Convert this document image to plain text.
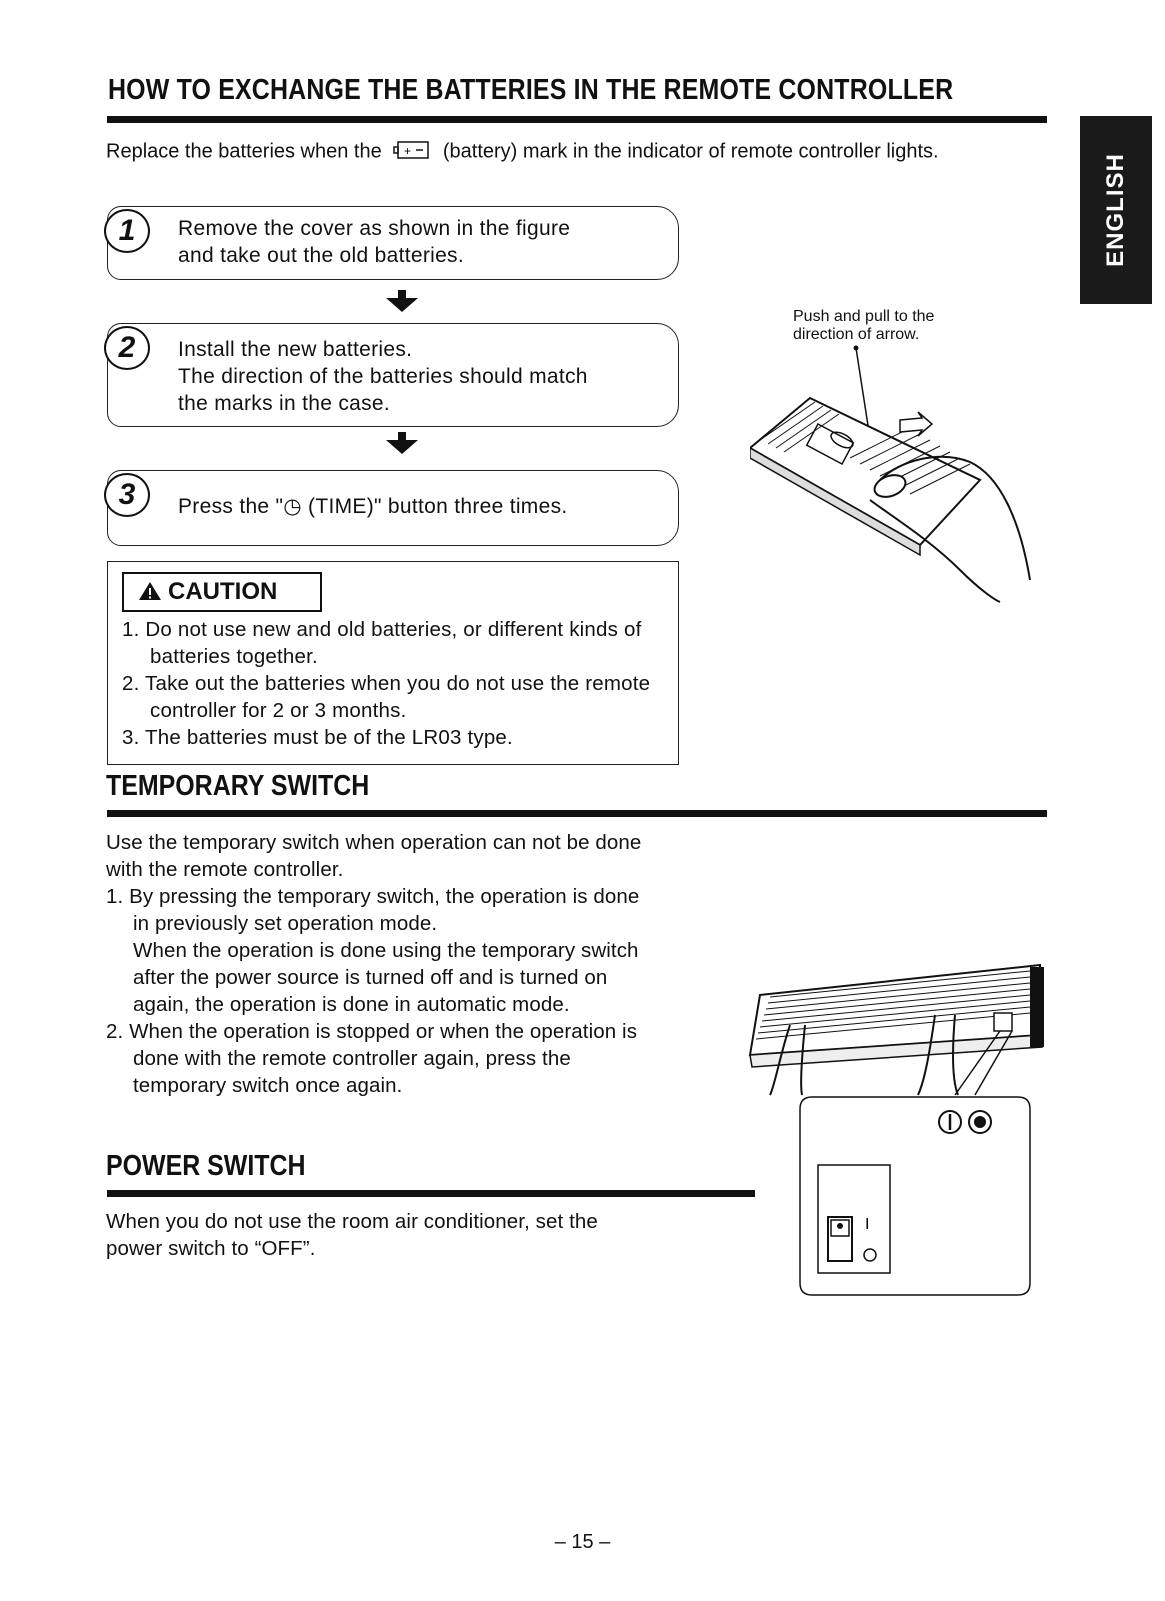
HOW TO EXCHANGE THE BATTERIES IN THE REMOTE CONTROLLER
Replace the batteries when the + (battery) mark in the indicator of remote controller lights.
ENGLISH
1	Remove the cover as shown in the figure
and take out the old batteries.
2	Install the new batteries.
The direction of the batteries should match
the marks in the case.
3	Press the "◷ (TIME)" button three times.
CAUTION
1. Do not use new and old batteries, or different kinds of batteries together.
2. Take out the batteries when you do not use the remote controller for 2 or 3 months.
3. The batteries must be of the LR03 type.
Push and pull to the
direction of arrow.
TEMPORARY SWITCH
Use the temporary switch when operation can not be done with the remote controller.
1. By pressing the temporary switch, the operation is done in previously set operation mode.
When the operation is done using the temporary switch after the power source is turned off and is turned on again, the operation is done in automatic mode.
2. When the operation is stopped or when the operation is done with the remote controller again, press the temporary switch once again.
POWER SWITCH
When you do not use the room air conditioner, set the power switch to “OFF”.
I
– 15 –
